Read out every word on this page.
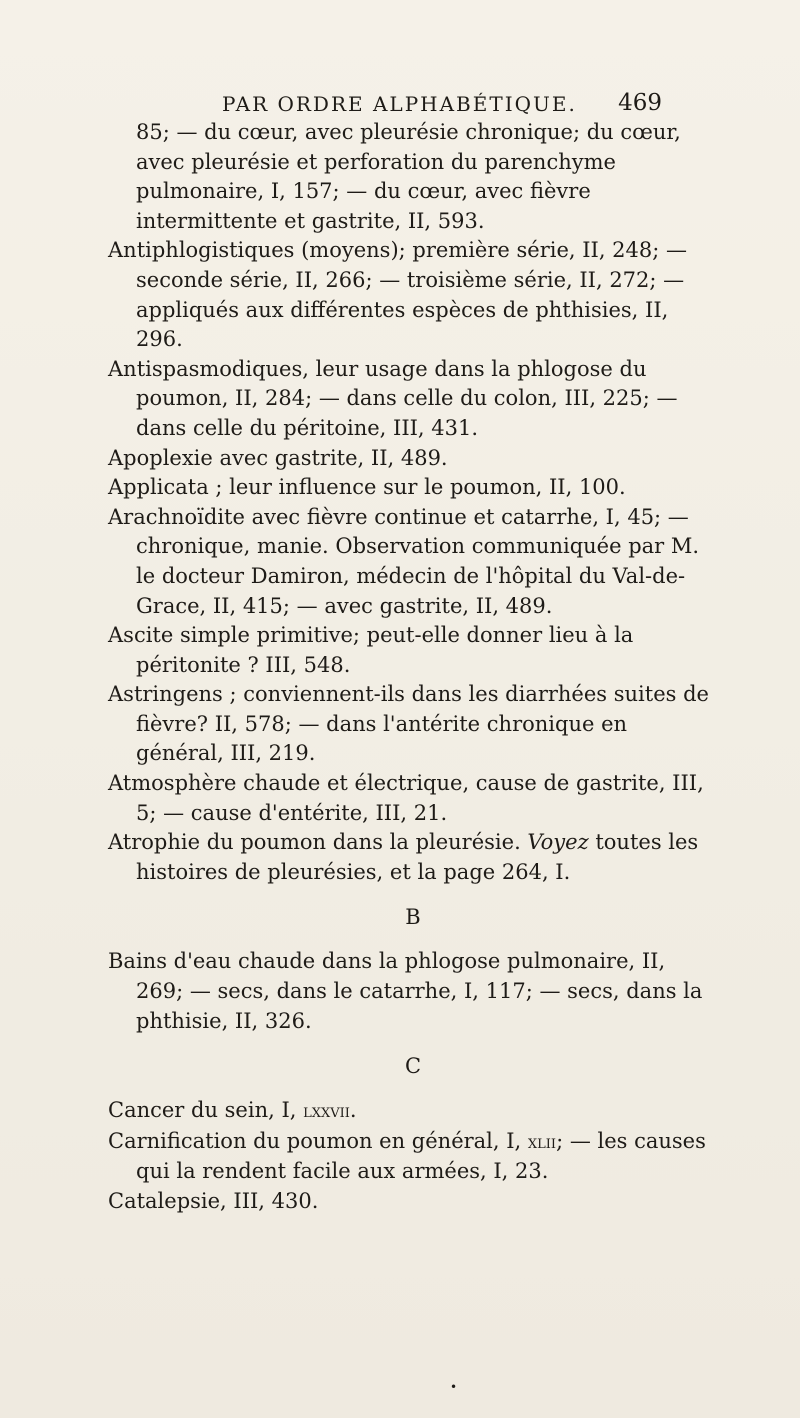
PAR ORDRE ALPHABÉTIQUE. 469

85; — du cœur, avec pleurésie chronique; du cœur, avec pleurésie et perforation du parenchyme pulmonaire, I, 157; — du cœur, avec fièvre intermittente et gastrite, II, 593.

Antiphlogistiques (moyens); première série, II, 248; — seconde série, II, 266; — troisième série, II, 272; — appliqués aux différentes espèces de phthisies, II, 296.

Antispasmodiques, leur usage dans la phlogose du poumon, II, 284; — dans celle du colon, III, 225; — dans celle du péritoine, III, 431.

Apoplexie avec gastrite, II, 489.

Applicata ; leur influence sur le poumon, II, 100.

Arachnoïdite avec fièvre continue et catarrhe, I, 45; — chronique, manie. Observation communiquée par M. le docteur Damiron, médecin de l'hôpital du Val-de-Grace, II, 415; — avec gastrite, II, 489.

Ascite simple primitive; peut-elle donner lieu à la péritonite ? III, 548.

Astringens ; conviennent-ils dans les diarrhées suites de fièvre? II, 578; — dans l'antérite chronique en général, III, 219.

Atmosphère chaude et électrique, cause de gastrite, III, 5; — cause d'entérite, III, 21.

Atrophie du poumon dans la pleurésie. Voyez toutes les histoires de pleurésies, et la page 264, I.

B

Bains d'eau chaude dans la phlogose pulmonaire, II, 269; — secs, dans le catarrhe, I, 117; — secs, dans la phthisie, II, 326.

C

Cancer du sein, I, lxxvii.

Carnification du poumon en général, I, xlii; — les causes qui la rendent facile aux armées, I, 23.

Catalepsie, III, 430.

•
